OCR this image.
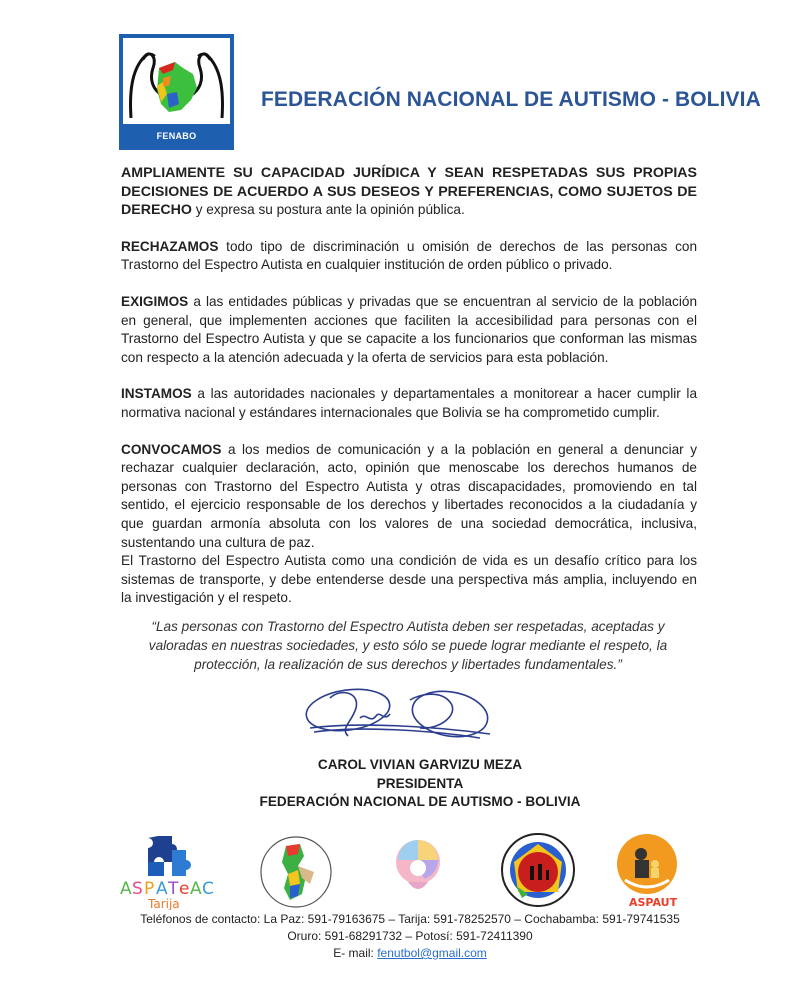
FENABO
FEDERACIÓN NACIONAL DE AUTISMO - BOLIVIA

AMPLIAMENTE SU CAPACIDAD JURÍDICA Y SEAN RESPETADAS SUS PROPIAS DECISIONES DE ACUERDO A SUS DESEOS Y PREFERENCIAS, COMO SUJETOS DE DERECHO y expresa su postura ante la opinión pública.

RECHAZAMOS todo tipo de discriminación u omisión de derechos de las personas con Trastorno del Espectro Autista en cualquier institución de orden público o privado.

EXIGIMOS a las entidades públicas y privadas que se encuentran al servicio de la población en general, que implementen acciones que faciliten la accesibilidad para personas con el Trastorno del Espectro Autista y que se capacite a los funcionarios que conforman las mismas con respecto a la atención adecuada y la oferta de servicios para esta población.

INSTAMOS a las autoridades nacionales y departamentales a monitorear a hacer cumplir la normativa nacional y estándares internacionales que Bolivia se ha comprometido cumplir.

CONVOCAMOS a los medios de comunicación y a la población en general a denunciar y rechazar cualquier declaración, acto, opinión que menoscabe los derechos humanos de personas con Trastorno del Espectro Autista y otras discapacidades, promoviendo en tal sentido, el ejercicio responsable de los derechos y libertades reconocidos a la ciudadanía y que guardan armonía absoluta con los valores de una sociedad democrática, inclusiva, sustentando una cultura de paz.

El Trastorno del Espectro Autista como una condición de vida es un desafío crítico para los sistemas de transporte, y debe entenderse desde una perspectiva más amplia, incluyendo en la investigación y el respeto.

“Las personas con Trastorno del Espectro Autista deben ser respetadas, aceptadas y valoradas en nuestras sociedades, y esto sólo se puede lograr mediante el respeto, la protección, la realización de sus derechos y libertades fundamentales.”
CAROL VIVIAN GARVIZU MEZA
PRESIDENTA
FEDERACIÓN NACIONAL DE AUTISMO - BOLIVIA
A S P A T e A C
Tarija	ASPAUT
Teléfonos de contacto: La Paz: 591-79163675 – Tarija: 591-78252570 – Cochabamba: 591-79741535
Oruro: 591-68291732 – Potosí: 591-72411390
E- mail: fenutbol@gmail.com
